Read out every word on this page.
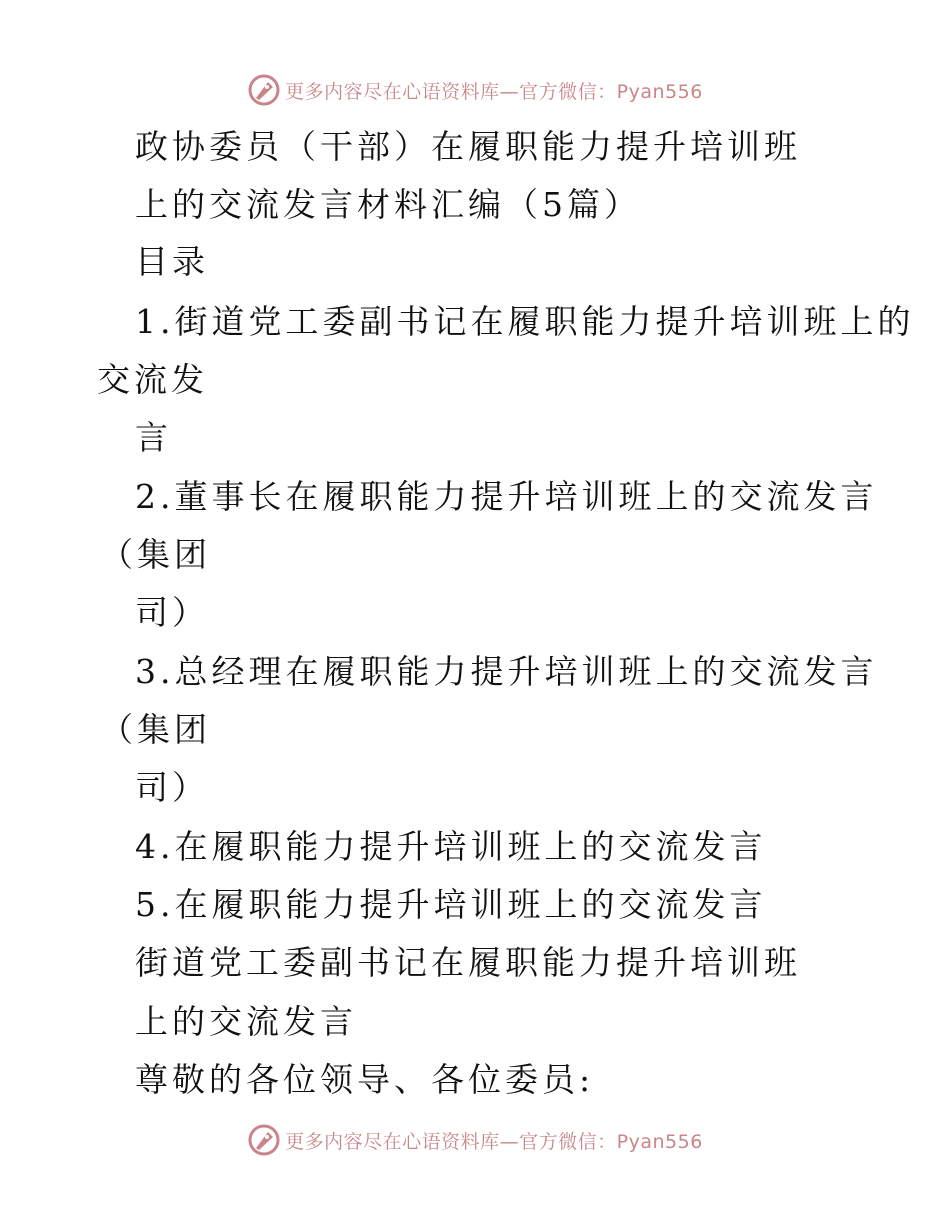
更多内容尽在心语资料库—官方微信：Pyan556
政协委员（干部）在履职能力提升培训班
上的交流发言材料汇编（5篇）
目录
1.街道党工委副书记在履职能力提升培训班上的
交流发
言
2.董事长在履职能力提升培训班上的交流发言
（集团
司）
3.总经理在履职能力提升培训班上的交流发言
（集团
司）
4.在履职能力提升培训班上的交流发言
5.在履职能力提升培训班上的交流发言
街道党工委副书记在履职能力提升培训班
上的交流发言
尊敬的各位领导、各位委员:
更多内容尽在心语资料库—官方微信：Pyan556
